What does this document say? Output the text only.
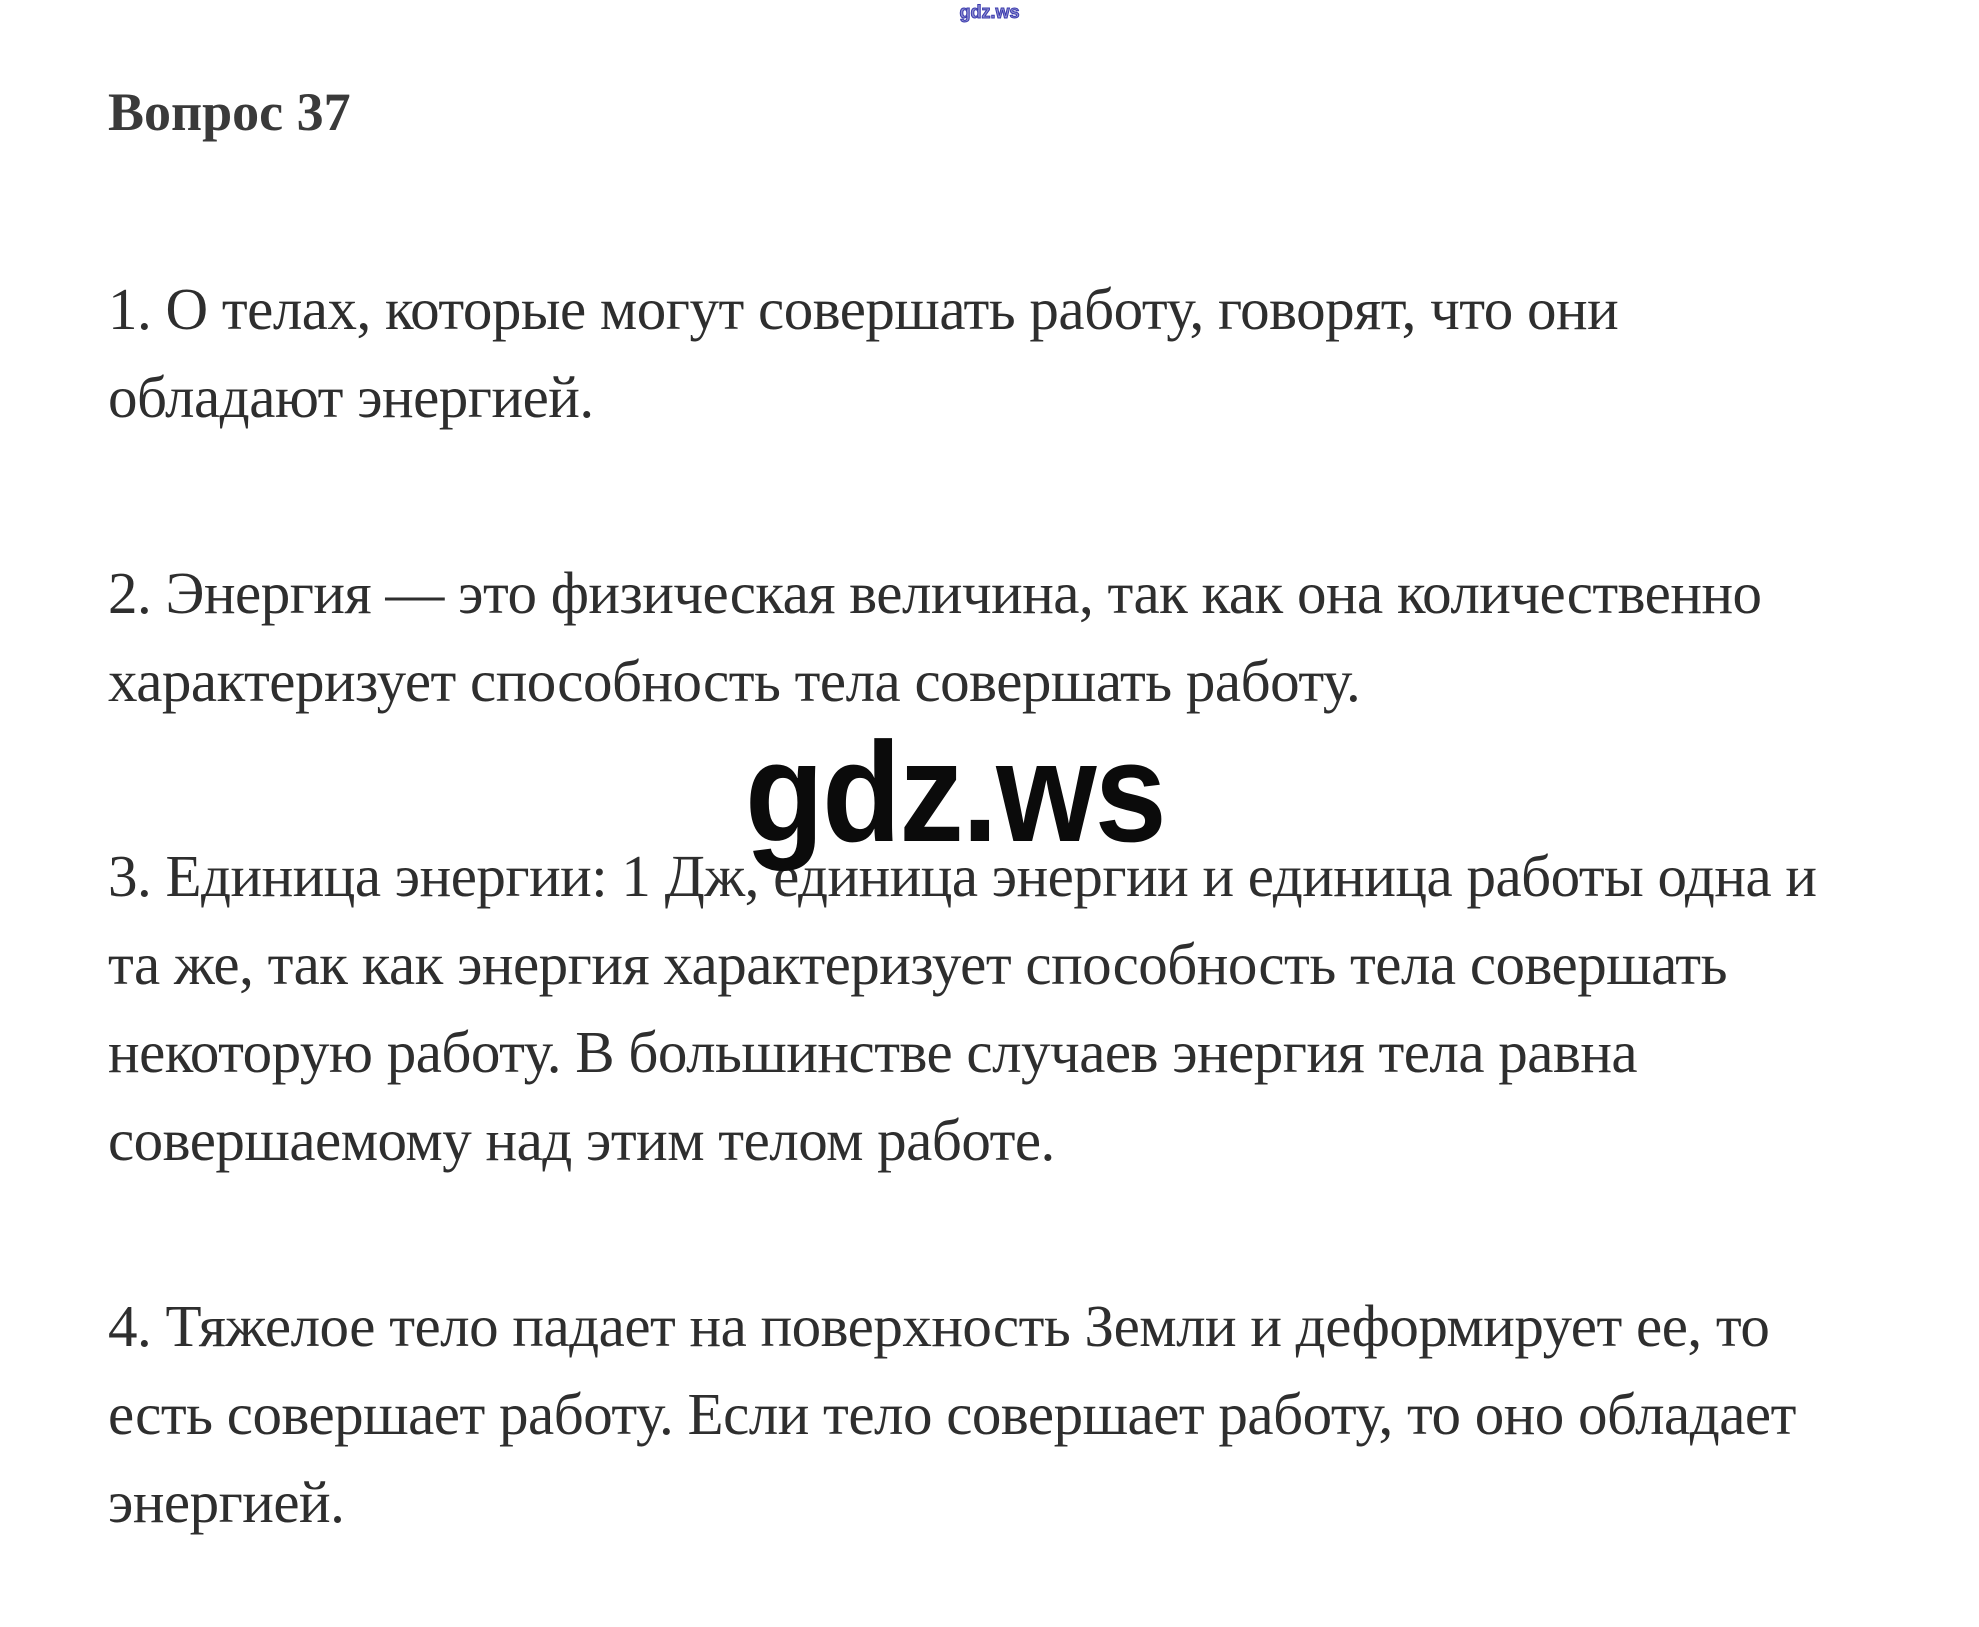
gdz.ws
Вопрос 37
1. О телах, которые могут совершать работу, говорят, что они
обладают энергией.
2. Энергия — это физическая величина, так как она количественно
характеризует способность тела совершать работу.
gdz.ws
3. Единица энергии: 1 Дж, единица энергии и единица работы одна и
та же, так как энергия характеризует способность тела совершать
некоторую работу. В большинстве случаев энергия тела равна
совершаемому над этим телом работе.
4. Тяжелое тело падает на поверхность Земли и деформирует ее, то
есть совершает работу. Если тело совершает работу, то оно обладает
энергией.
